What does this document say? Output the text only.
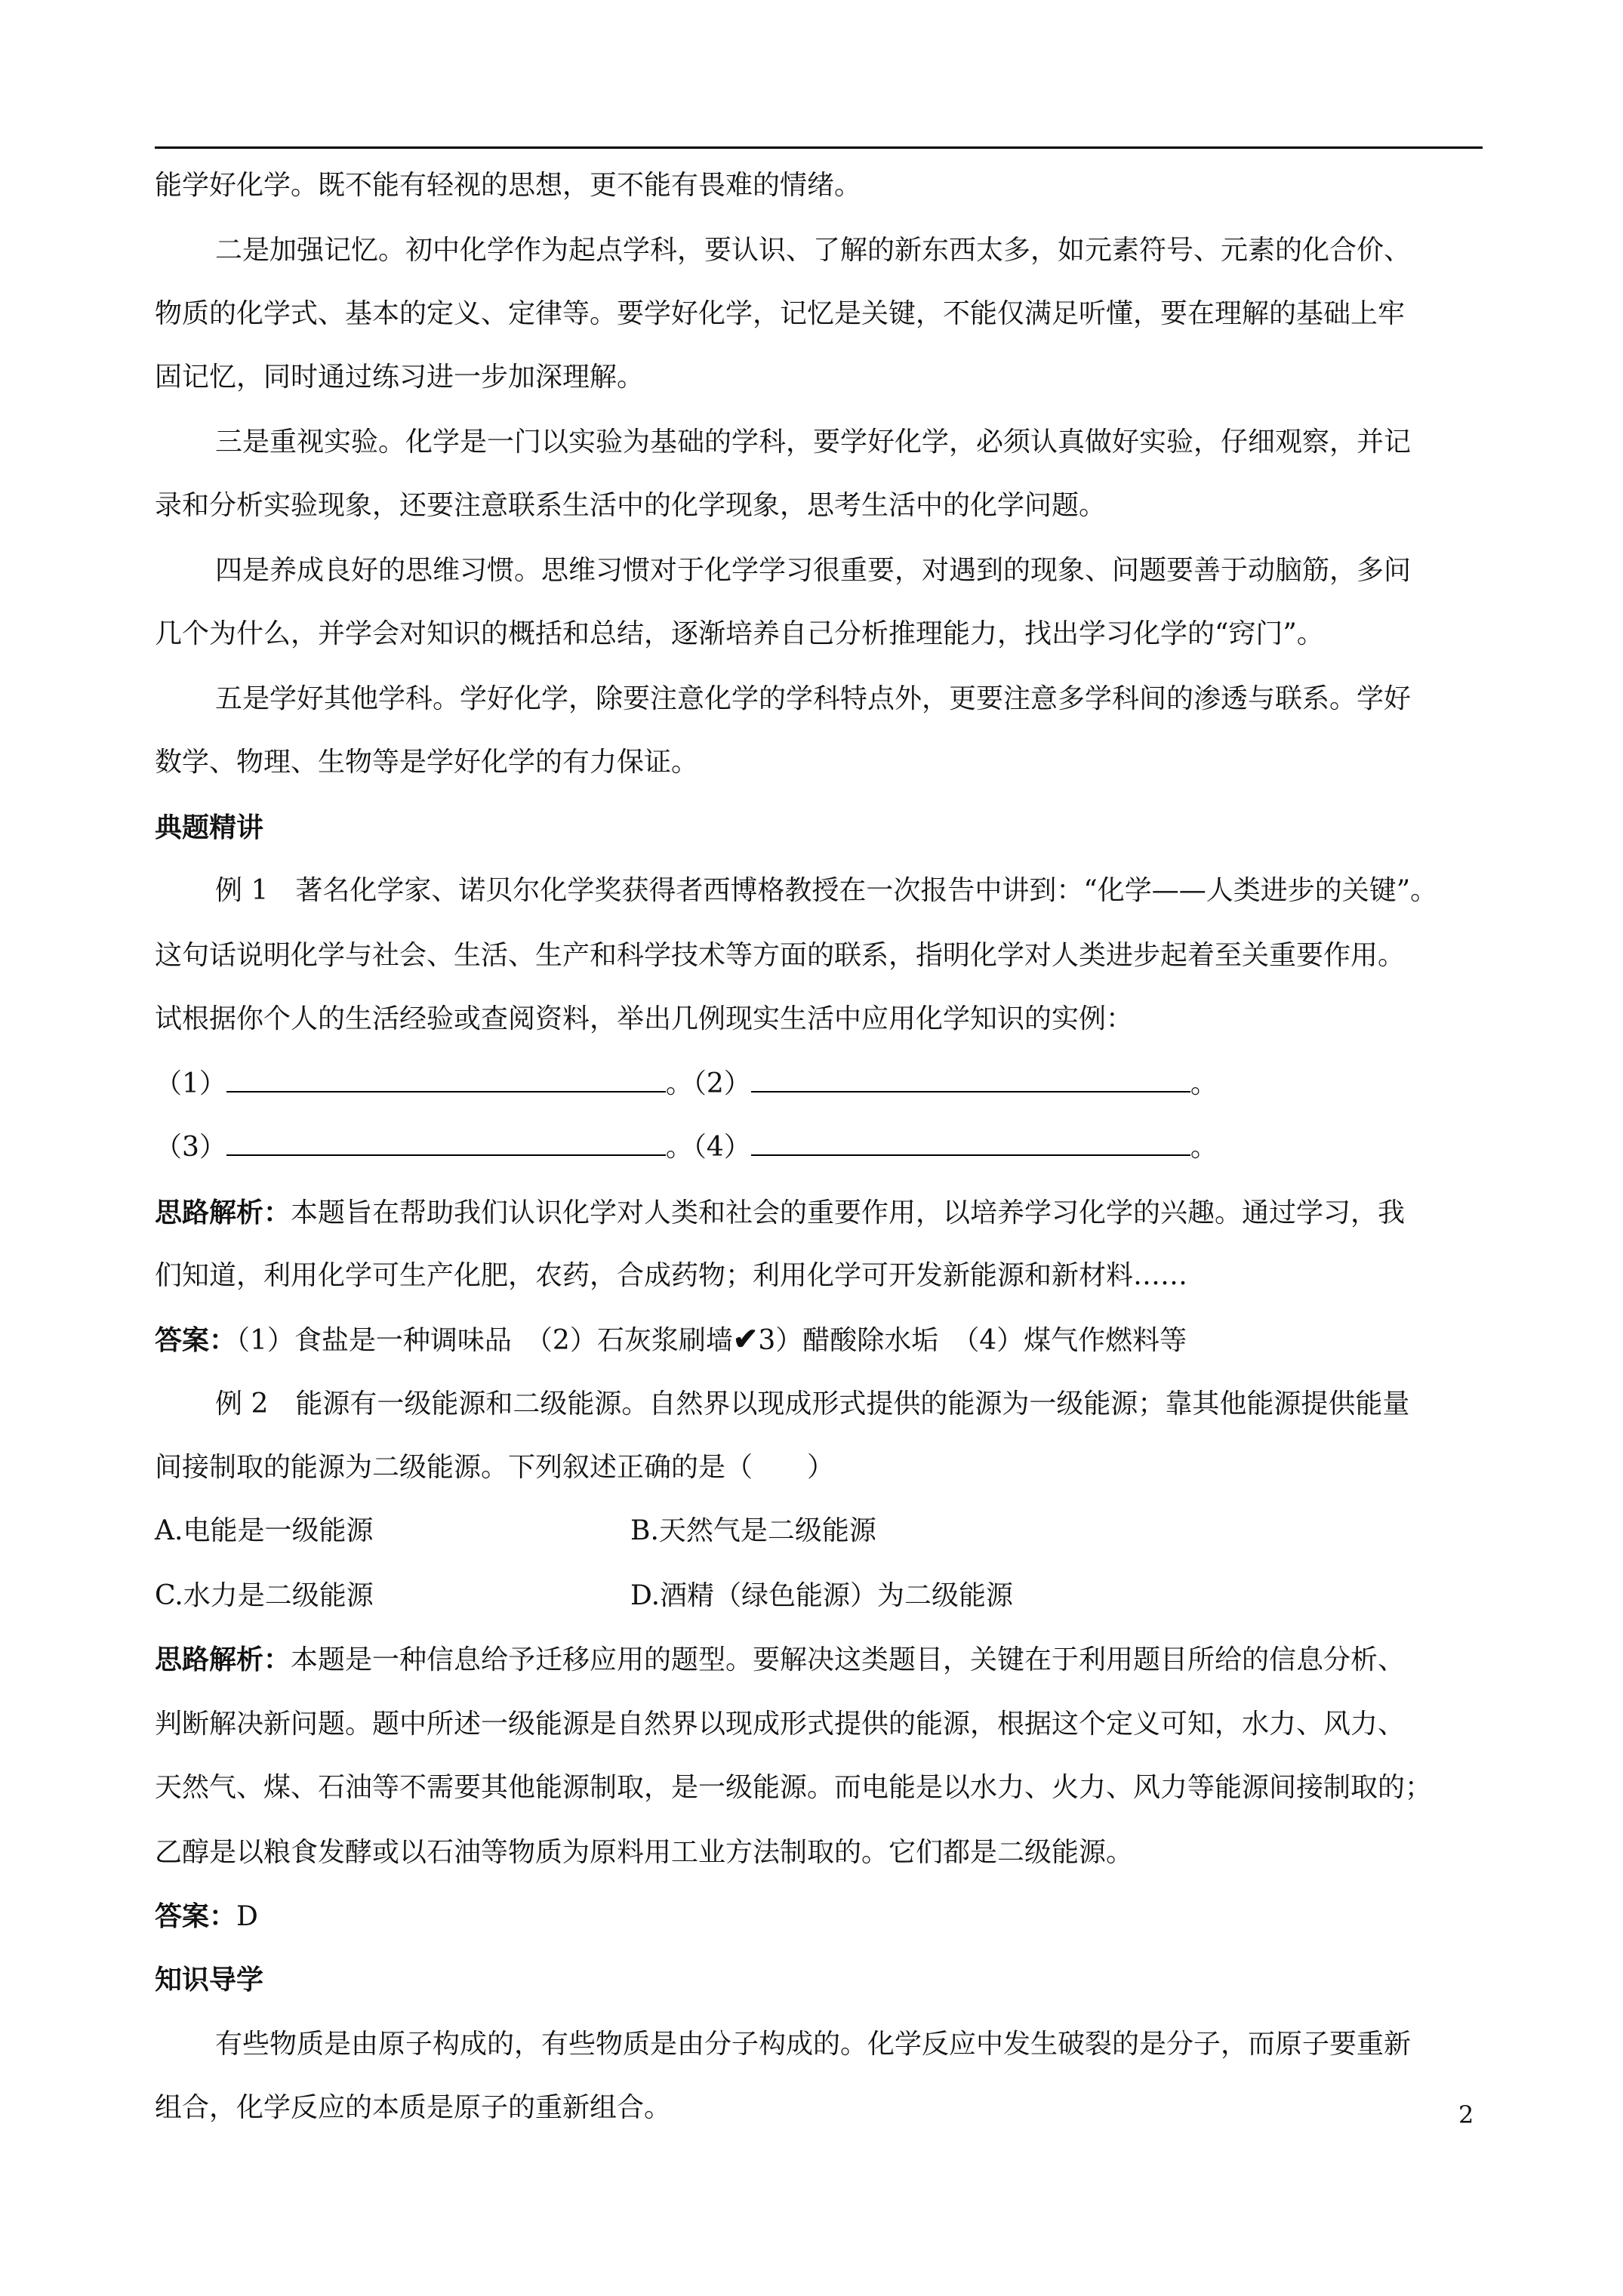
能学好化学。既不能有轻视的思想，更不能有畏难的情绪。
二是加强记忆。初中化学作为起点学科，要认识、了解的新东西太多，如元素符号、元素的化合价、
物质的化学式、基本的定义、定律等。要学好化学，记忆是关键，不能仅满足听懂，要在理解的基础上牢
固记忆，同时通过练习进一步加深理解。
三是重视实验。化学是一门以实验为基础的学科，要学好化学，必须认真做好实验，仔细观察，并记
录和分析实验现象，还要注意联系生活中的化学现象，思考生活中的化学问题。
四是养成良好的思维习惯。思维习惯对于化学学习很重要，对遇到的现象、问题要善于动脑筋，多问
几个为什么，并学会对知识的概括和总结，逐渐培养自己分析推理能力，找出学习化学的“窍门”。
五是学好其他学科。学好化学，除要注意化学的学科特点外，更要注意多学科间的渗透与联系。学好
数学、物理、生物等是学好化学的有力保证。
典题精讲
例 1　 著名化学家、诺贝尔化学奖获得者西博格教授在一次报告中讲到：“化学——人类进步的关键”。
这句话说明化学与社会、生活、生产和科学技术等方面的联系，指明化学对人类进步起着至关重要作用。
试根据你个人的生活经验或查阅资料，举出几例现实生活中应用化学知识的实例：
（1）	。（2）	。
（3）	。（4）	。
思路解析：本题旨在帮助我们认识化学对人类和社会的重要作用，以培养学习化学的兴趣。通过学习，我
们知道，利用化学可生产化肥，农药，合成药物；利用化学可开发新能源和新材料……
答案：（1）食盐是一种调味品　（2）石灰浆刷墙✔3）醋酸除水垢　（4）煤气作燃料等
例 2　 能源有一级能源和二级能源。自然界以现成形式提供的能源为一级能源；靠其他能源提供能量
间接制取的能源为二级能源。下列叙述正确的是（　　）
A.电能是一级能源	B.天然气是二级能源
C.水力是二级能源	D.酒精（绿色能源）为二级能源
思路解析：本题是一种信息给予迁移应用的题型。要解决这类题目，关键在于利用题目所给的信息分析、
判断解决新问题。题中所述一级能源是自然界以现成形式提供的能源，根据这个定义可知，水力、风力、
天然气、煤、石油等不需要其他能源制取，是一级能源。而电能是以水力、火力、风力等能源间接制取的；
乙醇是以粮食发酵或以石油等物质为原料用工业方法制取的。它们都是二级能源。
答案：D
知识导学
有些物质是由原子构成的，有些物质是由分子构成的。化学反应中发生破裂的是分子，而原子要重新
组合，化学反应的本质是原子的重新组合。	2
